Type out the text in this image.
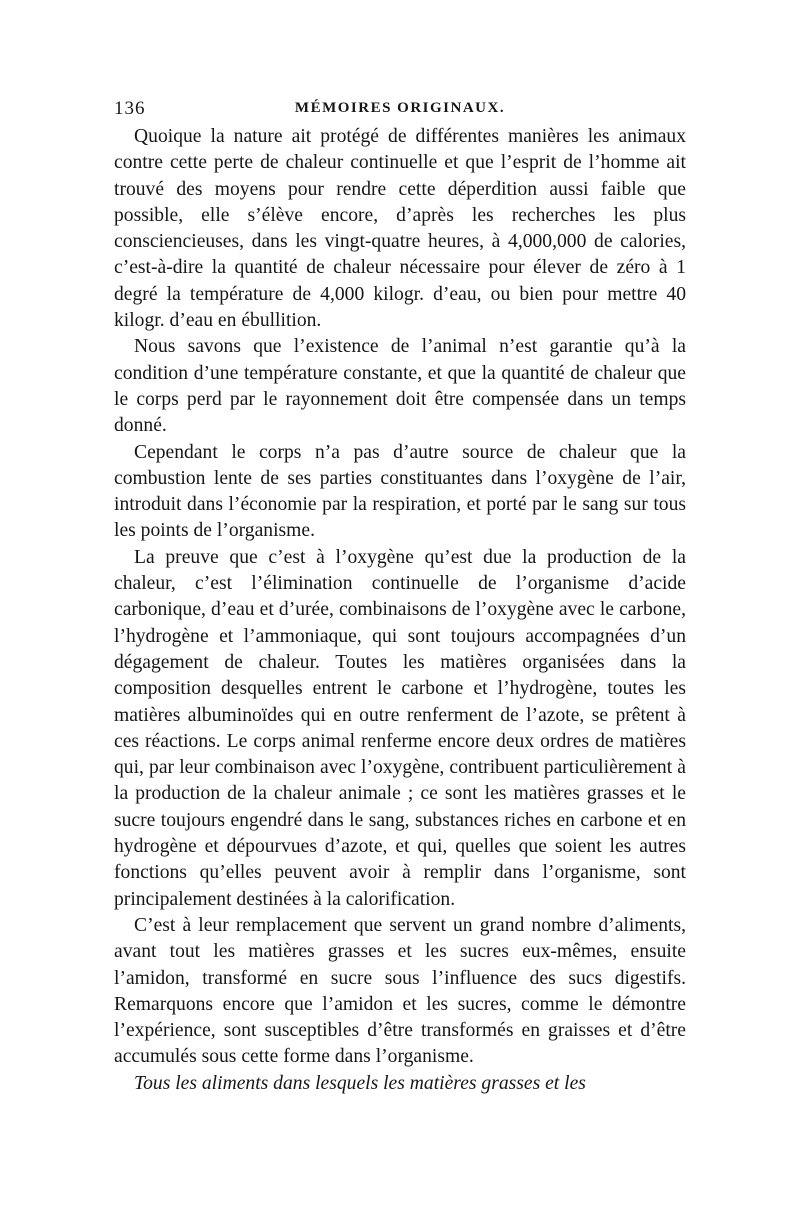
136	MÉMOIRES ORIGINAUX.

Quoique la nature ait protégé de différentes manières les animaux contre cette perte de chaleur continuelle et que l’esprit de l’homme ait trouvé des moyens pour rendre cette déperdition aussi faible que possible, elle s’élève encore, d’après les recherches les plus consciencieuses, dans les vingt-quatre heures, à 4,000,000 de calories, c’est-à-dire la quantité de chaleur nécessaire pour élever de zéro à 1 degré la température de 4,000 kilogr. d’eau, ou bien pour mettre 40 kilogr. d’eau en ébullition.

Nous savons que l’existence de l’animal n’est garantie qu’à la condition d’une température constante, et que la quantité de chaleur que le corps perd par le rayonnement doit être compensée dans un temps donné.

Cependant le corps n’a pas d’autre source de chaleur que la combustion lente de ses parties constituantes dans l’oxygène de l’air, introduit dans l’économie par la respiration, et porté par le sang sur tous les points de l’organisme.

La preuve que c’est à l’oxygène qu’est due la production de la chaleur, c’est l’élimination continuelle de l’organisme d’acide carbonique, d’eau et d’urée, combinaisons de l’oxygène avec le carbone, l’hydrogène et l’ammoniaque, qui sont toujours accompagnées d’un dégagement de chaleur. Toutes les matières organisées dans la composition desquelles entrent le carbone et l’hydrogène, toutes les matières albuminoïdes qui en outre renferment de l’azote, se prêtent à ces réactions. Le corps animal renferme encore deux ordres de matières qui, par leur combinaison avec l’oxygène, contribuent particulièrement à la production de la chaleur animale ; ce sont les matières grasses et le sucre toujours engendré dans le sang, substances riches en carbone et en hydrogène et dépourvues d’azote, et qui, quelles que soient les autres fonctions qu’elles peuvent avoir à remplir dans l’organisme, sont principalement destinées à la calorification.

C’est à leur remplacement que servent un grand nombre d’aliments, avant tout les matières grasses et les sucres eux-mêmes, ensuite l’amidon, transformé en sucre sous l’influence des sucs digestifs. Remarquons encore que l’amidon et les sucres, comme le démontre l’expérience, sont susceptibles d’être transformés en graisses et d’être accumulés sous cette forme dans l’organisme.

Tous les aliments dans lesquels les matières grasses et les
